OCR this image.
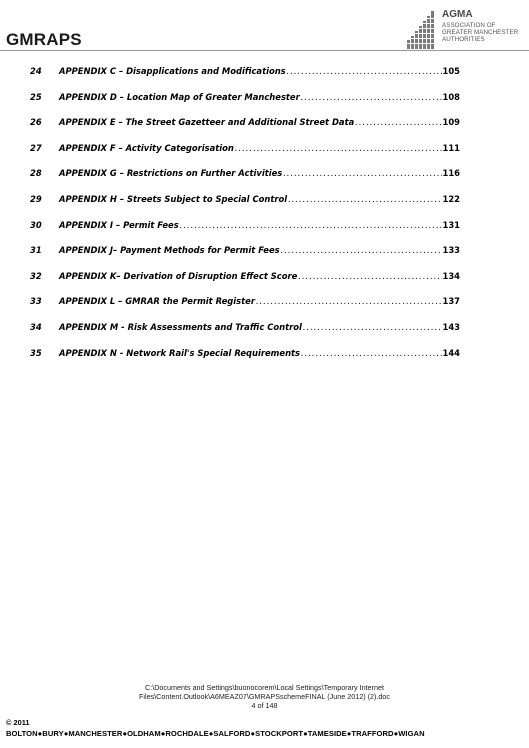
GMRAPS
AGMA
ASSOCIATION OF
GREATER MANCHESTER
AUTHORITIES
24	APPENDIX C – Disapplications and Modifications .....	105
25	APPENDIX D – Location Map of Greater Manchester .....	108
26	APPENDIX E – The Street Gazetteer and Additional Street Data .....	109
27	APPENDIX F – Activity Categorisation .....	111
28	APPENDIX G – Restrictions on Further Activities .....	116
29	APPENDIX H – Streets Subject to Special Control .....	122
30	APPENDIX I – Permit Fees .....	131
31	APPENDIX J– Payment Methods for Permit Fees .....	133
32	APPENDIX K– Derivation of Disruption Effect Score .....	134
33	APPENDIX L – GMRAR the Permit Register .....	137
34	APPENDIX M - Risk Assessments and Traffic Control .....	143
35	APPENDIX N - Network Rail's Special Requirements .....	144
C:\Documents and Settings\buonocorem\Local Settings\Temporary Internet
Files\Content.Outlook\A6MEAZ07\GMRAPSschemeFINAL (June 2012) (2).doc
4 of 148
© 2011
BOLTON●BURY●MANCHESTER●OLDHAM●ROCHDALE●SALFORD●STOCKPORT●TAMESIDE●TRAFFORD●WIGAN
